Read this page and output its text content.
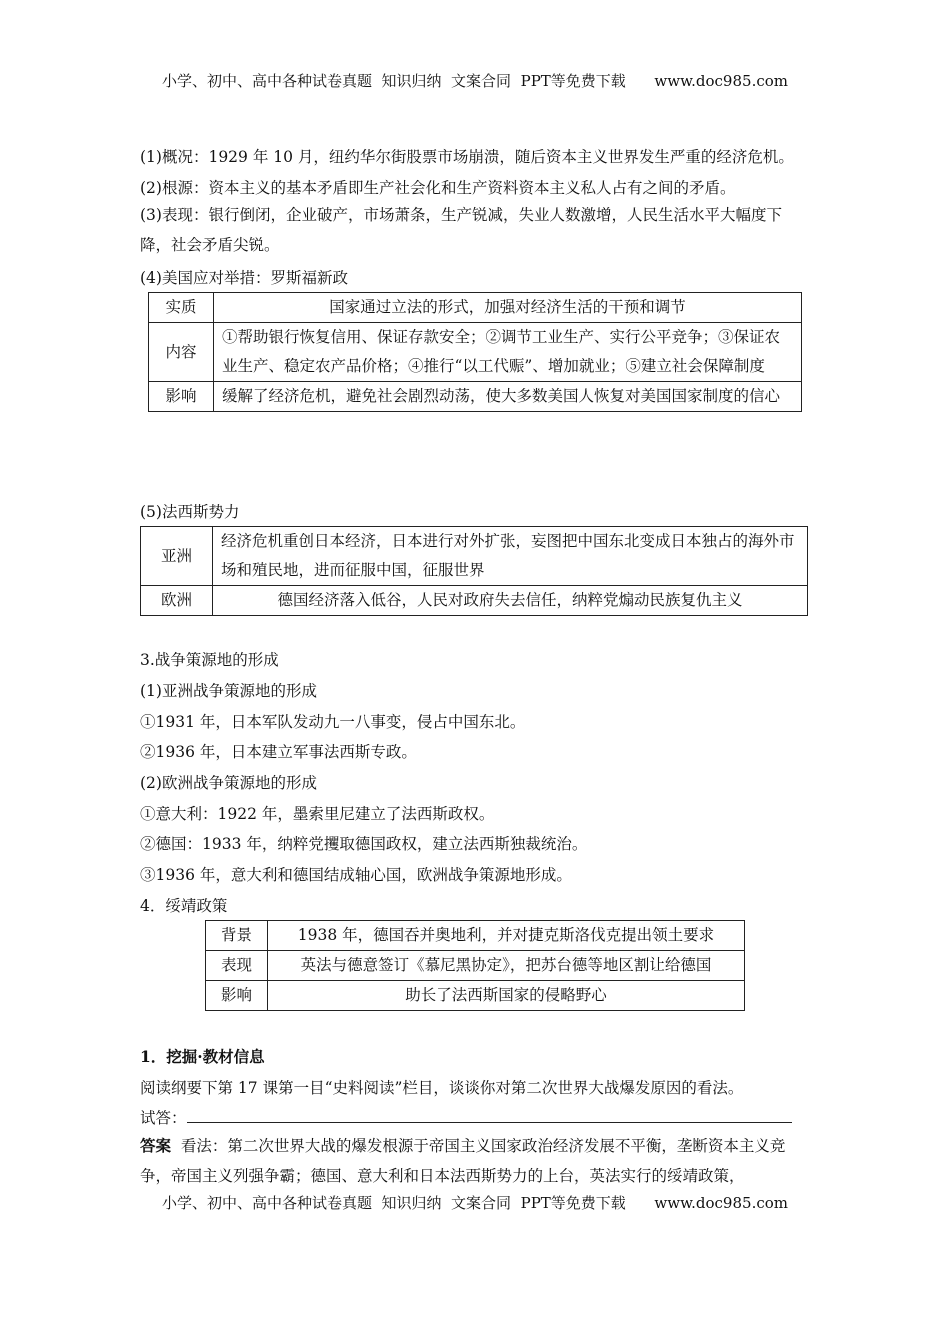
小学、初中、高中各种试卷真题  知识归纳  文案合同  PPT等免费下载      www.doc985.com
(1)概况：1929 年 10 月，纽约华尔街股票市场崩溃，随后资本主义世界发生严重的经济危机。
(2)根源：资本主义的基本矛盾即生产社会化和生产资料资本主义私人占有之间的矛盾。
(3)表现：银行倒闭，企业破产，市场萧条，生产锐减，失业人数激增，人民生活水平大幅度下降，社会矛盾尖锐。
(4)美国应对举措：罗斯福新政
实质	国家通过立法的形式，加强对经济生活的干预和调节
内容	①帮助银行恢复信用、保证存款安全；②调节工业生产、实行公平竞争；③保证农业生产、稳定农产品价格；④推行“以工代赈”、增加就业；⑤建立社会保障制度
影响	缓解了经济危机，避免社会剧烈动荡，使大多数美国人恢复对美国国家制度的信心
(5)法西斯势力
亚洲	经济危机重创日本经济，日本进行对外扩张，妄图把中国东北变成日本独占的海外市场和殖民地，进而征服中国，征服世界
欧洲	德国经济落入低谷，人民对政府失去信任，纳粹党煽动民族复仇主义
3.战争策源地的形成
(1)亚洲战争策源地的形成
①1931 年，日本军队发动九一八事变，侵占中国东北。
②1936 年，日本建立军事法西斯专政。
(2)欧洲战争策源地的形成
①意大利：1922 年，墨索里尼建立了法西斯政权。
②德国：1933 年，纳粹党攫取德国政权，建立法西斯独裁统治。
③1936 年，意大利和德国结成轴心国，欧洲战争策源地形成。
4．绥靖政策
背景	1938 年，德国吞并奥地利，并对捷克斯洛伐克提出领土要求
表现	英法与德意签订《慕尼黑协定》，把苏台德等地区割让给德国
影响	助长了法西斯国家的侵略野心
1．挖掘·教材信息
阅读纲要下第 17 课第一目“史料阅读”栏目，谈谈你对第二次世界大战爆发原因的看法。
试答：
答案 看法：第二次世界大战的爆发根源于帝国主义国家政治经济发展不平衡，垄断资本主义竞争，帝国主义列强争霸；德国、意大利和日本法西斯势力的上台，英法实行的绥靖政策，
小学、初中、高中各种试卷真题  知识归纳  文案合同  PPT等免费下载      www.doc985.com
